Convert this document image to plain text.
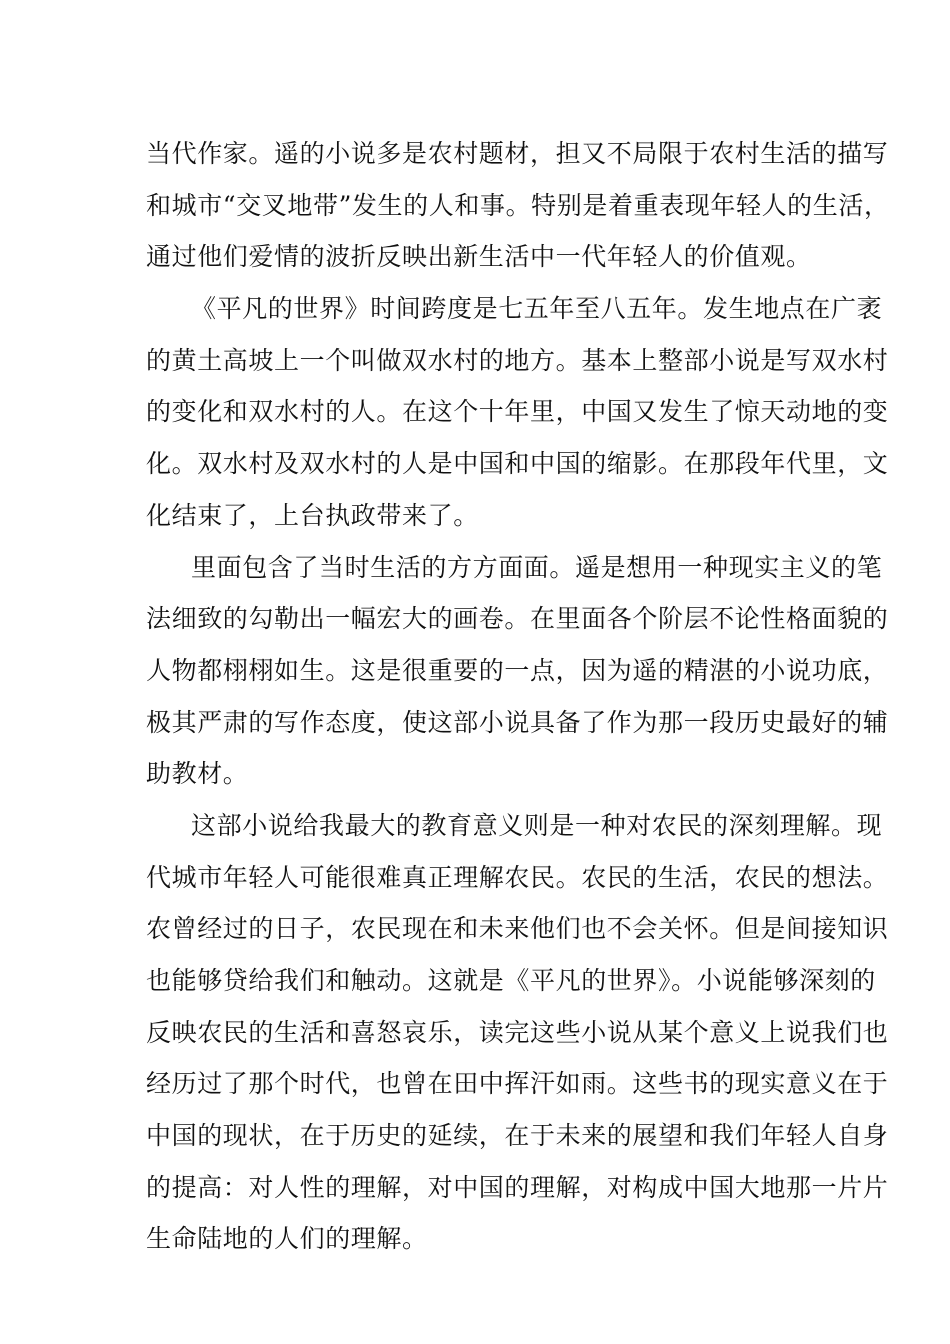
当代作家。遥的小说多是农村题材，担又不局限于农村生活的描写
和城市“交叉地带”发生的人和事。特别是着重表现年轻人的生活，
通过他们爱情的波折反映出新生活中一代年轻人的价值观。
《平凡的世界》时间跨度是七五年至八五年。发生地点在广袤
的黄土高坡上一个叫做双水村的地方。基本上整部小说是写双水村
的变化和双水村的人。在这个十年里，中国又发生了惊天动地的变
化。双水村及双水村的人是中国和中国的缩影。在那段年代里，文
化结束了，上台执政带来了。
里面包含了当时生活的方方面面。遥是想用一种现实主义的笔
法细致的勾勒出一幅宏大的画卷。在里面各个阶层不论性格面貌的
人物都栩栩如生。这是很重要的一点，因为遥的精湛的小说功底，
极其严肃的写作态度，使这部小说具备了作为那一段历史最好的辅
助教材。
这部小说给我最大的教育意义则是一种对农民的深刻理解。现
代城市年轻人可能很难真正理解农民。农民的生活，农民的想法。
农曾经过的日子，农民现在和未来他们也不会关怀。但是间接知识
也能够贷给我们和触动。这就是《平凡的世界》。小说能够深刻的
反映农民的生活和喜怒哀乐，读完这些小说从某个意义上说我们也
经历过了那个时代，也曾在田中挥汗如雨。这些书的现实意义在于
中国的现状，在于历史的延续，在于未来的展望和我们年轻人自身
的提高：对人性的理解，对中国的理解，对构成中国大地那一片片
生命陆地的人们的理解。
